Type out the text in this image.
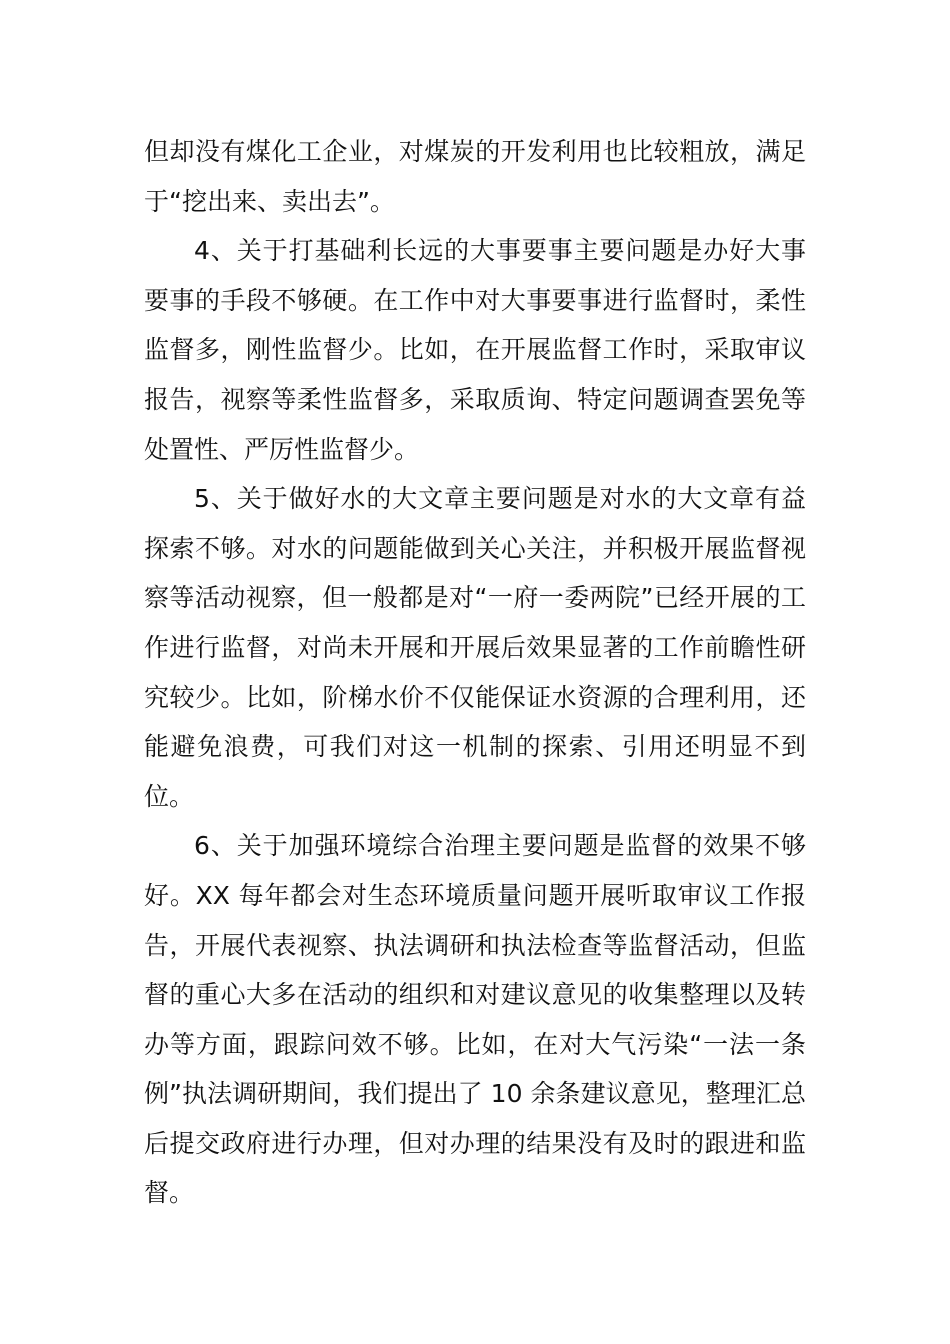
但却没有煤化工企业，对煤炭的开发利用也比较粗放，满足于“挖出来、卖出去”。

4、关于打基础利长远的大事要事主要问题是办好大事要事的手段不够硬。在工作中对大事要事进行监督时，柔性监督多，刚性监督少。比如，在开展监督工作时，采取审议报告，视察等柔性监督多，采取质询、特定问题调查罢免等处置性、严厉性监督少。

5、关于做好水的大文章主要问题是对水的大文章有益探索不够。对水的问题能做到关心关注，并积极开展监督视察等活动视察，但一般都是对“一府一委两院”已经开展的工作进行监督，对尚未开展和开展后效果显著的工作前瞻性研究较少。比如，阶梯水价不仅能保证水资源的合理利用，还能避免浪费，可我们对这一机制的探索、引用还明显不到位。

6、关于加强环境综合治理主要问题是监督的效果不够好。XX 每年都会对生态环境质量问题开展听取审议工作报告，开展代表视察、执法调研和执法检查等监督活动，但监督的重心大多在活动的组织和对建议意见的收集整理以及转办等方面，跟踪问效不够。比如，在对大气污染“一法一条例”执法调研期间，我们提出了 10 余条建议意见，整理汇总后提交政府进行办理，但对办理的结果没有及时的跟进和监督。
